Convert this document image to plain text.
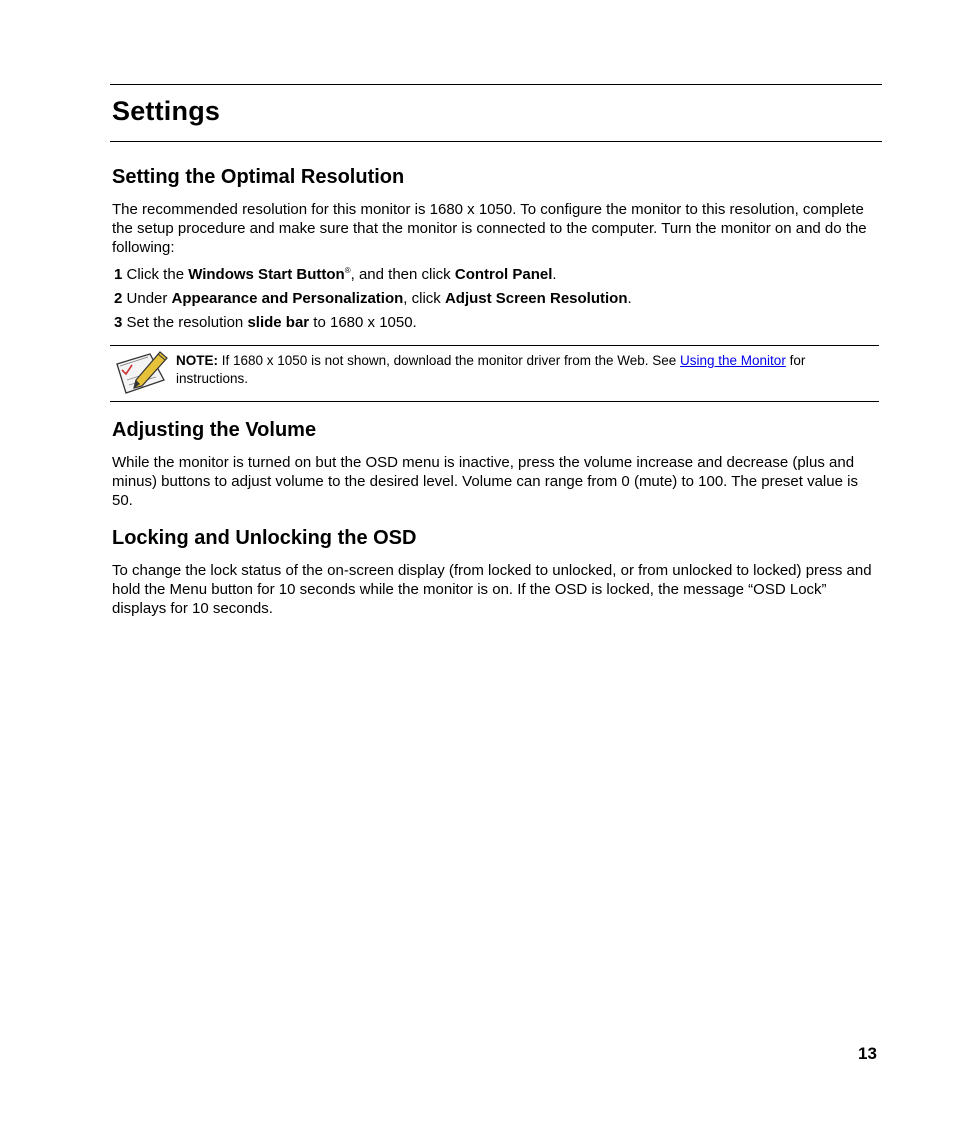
Settings
Setting the Optimal Resolution

The recommended resolution for this monitor is 1680 x 1050. To configure the monitor to this resolution, complete the setup procedure and make sure that the monitor is connected to the computer. Turn the monitor on and do the following:

1 Click the Windows Start Button®, and then click Control Panel.

2 Under Appearance and Personalization, click Adjust Screen Resolution.

3 Set the resolution slide bar to 1680 x 1050.

NOTE: If 1680 x 1050 is not shown, download the monitor driver from the Web. See Using the Monitor for instructions.

Adjusting the Volume

While the monitor is turned on but the OSD menu is inactive, press the volume increase and decrease (plus and minus) buttons to adjust volume to the desired level. Volume can range from 0 (mute) to 100. The preset value is 50.

Locking and Unlocking the OSD

To change the lock status of the on-screen display (from locked to unlocked, or from unlocked to locked) press and hold the Menu button for 10 seconds while the monitor is on. If the OSD is locked, the message “OSD Lock” displays for 10 seconds.

13
